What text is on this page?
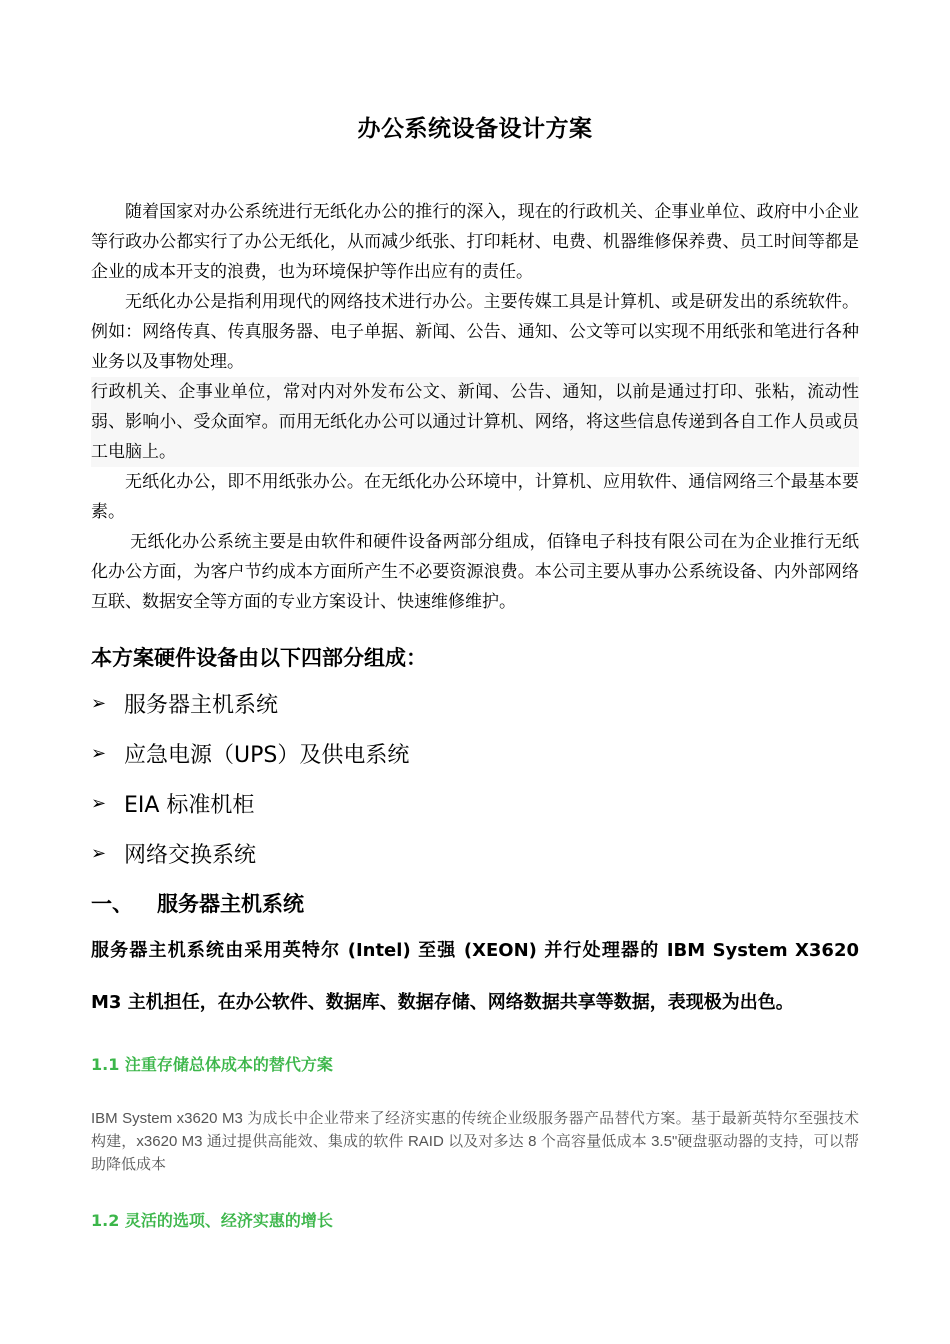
办公系统设备设计方案

随着国家对办公系统进行无纸化办公的推行的深入，现在的行政机关、企事业单位、政府中小企业等行政办公都实行了办公无纸化，从而减少纸张、打印耗材、电费、机器维修保养费、员工时间等都是企业的成本开支的浪费，也为环境保护等作出应有的责任。

无纸化办公是指利用现代的网络技术进行办公。主要传媒工具是计算机、或是研发出的系统软件。例如：网络传真、传真服务器、电子单据、新闻、公告、通知、公文等可以实现不用纸张和笔进行各种业务以及事物处理。

行政机关、企事业单位，常对内对外发布公文、新闻、公告、通知，以前是通过打印、张粘，流动性弱、影响小、受众面窄。而用无纸化办公可以通过计算机、网络，将这些信息传递到各自工作人员或员工电脑上。

无纸化办公，即不用纸张办公。在无纸化办公环境中，计算机、应用软件、通信网络三个最基本要素。

无纸化办公系统主要是由软件和硬件设备两部分组成，佰锋电子科技有限公司在为企业推行无纸化办公方面，为客户节约成本方面所产生不必要资源浪费。本公司主要从事办公系统设备、内外部网络互联、数据安全等方面的专业方案设计、快速维修维护。

本方案硬件设备由以下四部分组成：
➢ 服务器主机系统
➢ 应急电源（UPS）及供电系统
➢ EIA 标准机柜
➢ 网络交换系统
一、 服务器主机系统

服务器主机系统由采用英特尔 (Intel) 至强 (XEON) 并行处理器的 IBM System X3620 M3 主机担任，在办公软件、数据库、数据存储、网络数据共享等数据，表现极为出色。

1.1 注重存储总体成本的替代方案

IBM System x3620 M3 为成长中企业带来了经济实惠的传统企业级服务器产品替代方案。基于最新英特尔至强技术构建，x3620 M3 通过提供高能效、集成的软件 RAID 以及对多达 8 个高容量低成本 3.5"硬盘驱动器的支持，可以帮助降低成本

1.2 灵活的选项、经济实惠的增长
